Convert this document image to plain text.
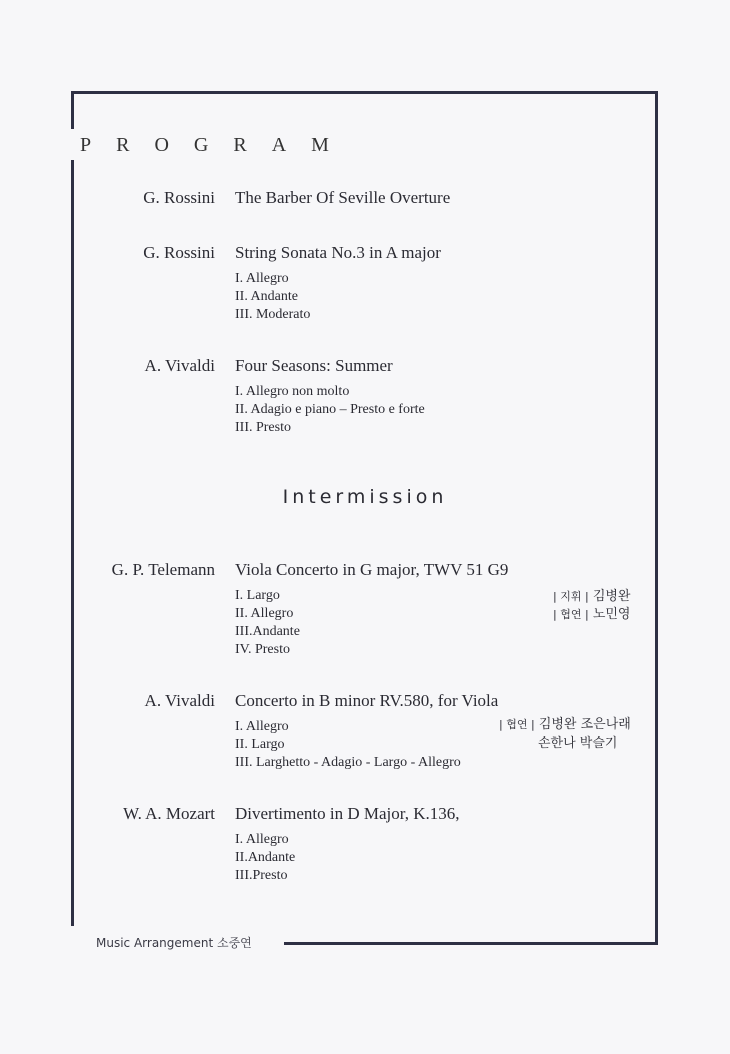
PROGRAM
G. Rossini The Barber Of Seville Overture
G. Rossini String Sonata No.3 in A major
I. Allegro
II. Andante
III. Moderato
A. Vivaldi Four Seasons: Summer
I. Allegro non molto
II. Adagio e piano – Presto e forte
III. Presto
Intermission
G. P. Telemann Viola Concerto in G major, TWV 51 G9
I. Largo
II. Allegro
III.Andante
IV. Presto
| 지휘 | 김병완
| 협연 | 노민영
A. Vivaldi Concerto in B minor RV.580, for Viola
I. Allegro
II. Largo
III. Larghetto - Adagio - Largo - Allegro
| 협연 | 김병완 조은나래
손한나 박슬기
W. A. Mozart Divertimento in D Major, K.136,
I. Allegro
II.Andante
III.Presto
Music Arrangement 소중연
